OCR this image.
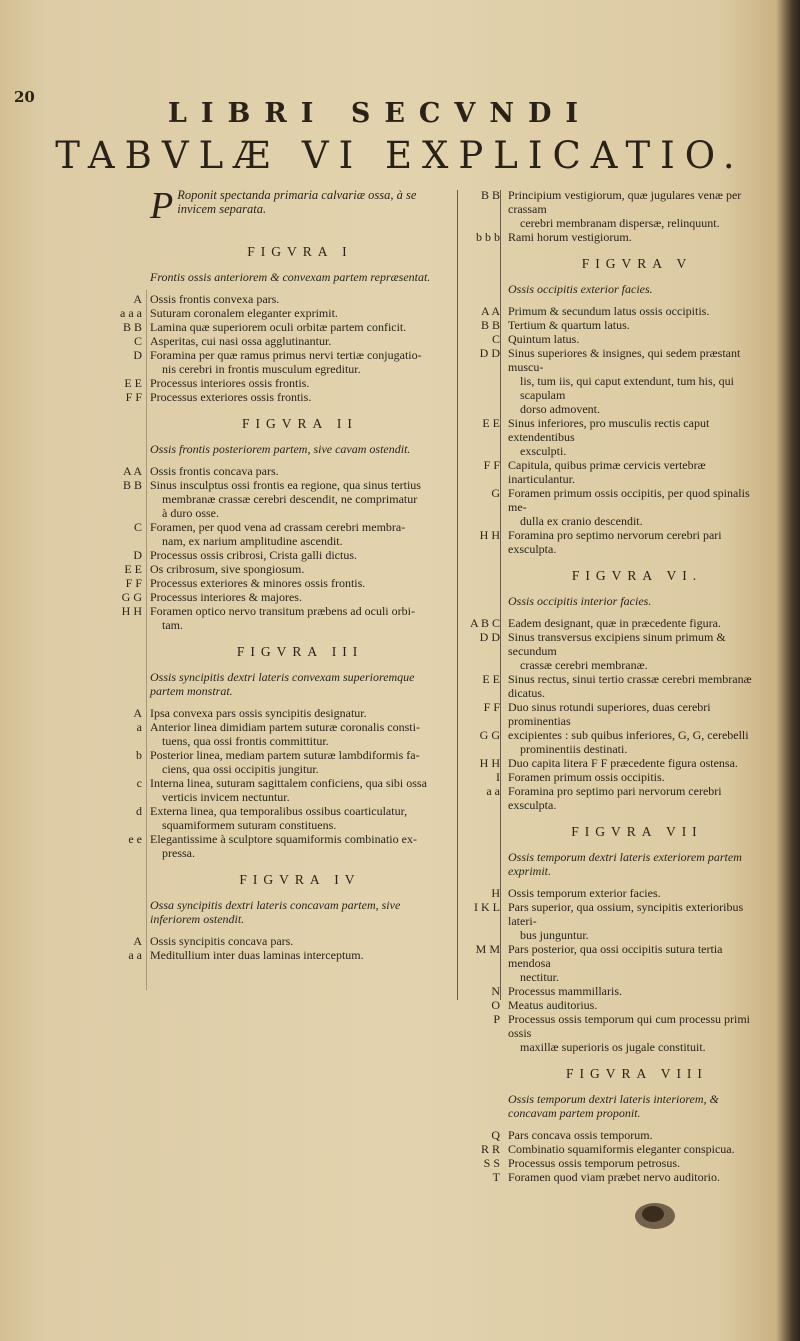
20
LIBRI SECVNDI
TABVLÆ VI EXPLICATIO.
P Roponit spectanda primaria calvariæ ossa, à se invicem separata.
FIGVRA I
Frontis ossis anteriorem & convexam partem repræsentat.
A Ossis frontis convexa pars.
a a a Suturam coronalem eleganter exprimit.
B B Lamina quæ superiorem oculi orbitæ partem conficit.
C Asperitas, cui nasi ossa agglutinantur.
D Foramina per quæ ramus primus nervi tertiæ conjugatio-
nis cerebri in frontis musculum egreditur.
E E Processus interiores ossis frontis.
F F Processus exteriores ossis frontis.
FIGVRA II
Ossis frontis posteriorem partem, sive cavam ostendit.
A A Ossis frontis concava pars.
B B Sinus insculptus ossi frontis ea regione, qua sinus tertius
membranæ crassæ cerebri descendit, ne comprimatur
à duro osse.
C Foramen, per quod vena ad crassam cerebri membra-
nam, ex narium amplitudine ascendit.
D Processus ossis cribrosi, Crista galli dictus.
E E Os cribrosum, sive spongiosum.
F F Processus exteriores & minores ossis frontis.
G G Processus interiores & majores.
H H Foramen optico nervo transitum præbens ad oculi orbi-
tam.
FIGVRA III
Ossis syncipitis dextri lateris convexam superioremque partem monstrat.
A Ipsa convexa pars ossis syncipitis designatur.
a Anterior linea dimidiam partem suturæ coronalis consti-
tuens, qua ossi frontis committitur.
b Posterior linea, mediam partem suturæ lambdiformis fa-
ciens, qua ossi occipitis jungitur.
c Interna linea, suturam sagittalem conficiens, qua sibi ossa
verticis invicem nectuntur.
d Externa linea, qua temporalibus ossibus coarticulatur,
squamiformem suturam constituens.
e e Elegantissime à sculptore squamiformis combinatio ex-
pressa.
FIGVRA IV
Ossa syncipitis dextri lateris concavam partem, sive inferiorem ostendit.
A Ossis syncipitis concava pars.
a a Meditullium inter duas laminas interceptum.
B B Principium vestigiorum, quæ jugulares venæ per crassam
cerebri membranam dispersæ, relinquunt.
b b b Rami horum vestigiorum.
FIGVRA V
Ossis occipitis exterior facies.
A A Primum & secundum latus ossis occipitis.
B B Tertium & quartum latus.
C Quintum latus.
D D Sinus superiores & insignes, qui sedem præstant muscu-
lis, tum iis, qui caput extendunt, tum his, qui scapulam
dorso admovent.
E E Sinus inferiores, pro musculis rectis caput extendentibus
exsculpti.
F F Capitula, quibus primæ cervicis vertebræ inarticulantur.
G Foramen primum ossis occipitis, per quod spinalis me-
dulla ex cranio descendit.
H H Foramina pro septimo nervorum cerebri pari exsculpta.
FIGVRA VI.
Ossis occipitis interior facies.
A B C Eadem designant, quæ in præcedente figura.
D D Sinus transversus excipiens sinum primum & secundum
crassæ cerebri membranæ.
E E Sinus rectus, sinui tertio crassæ cerebri membranæ dicatus.
F F Duo sinus rotundi superiores, duas cerebri prominentias
G G excipientes : sub quibus inferiores, G, G, cerebelli
prominentiis destinati.
H H Duo capita litera F F præcedente figura ostensa.
I Foramen primum ossis occipitis.
a a Foramina pro septimo pari nervorum cerebri exsculpta.
FIGVRA VII
Ossis temporum dextri lateris exteriorem partem exprimit.
H Ossis temporum exterior facies.
I K L Pars superior, qua ossium, syncipitis exterioribus lateri-
bus junguntur.
M M Pars posterior, qua ossi occipitis sutura tertia mendosa
nectitur.
N Processus mammillaris.
O Meatus auditorius.
P Processus ossis temporum qui cum processu primi ossis
maxillæ superioris os jugale constituit.
FIGVRA VIII
Ossis temporum dextri lateris interiorem, & concavam partem proponit.
Q Pars concava ossis temporum.
R R Combinatio squamiformis eleganter conspicua.
S S Processus ossis temporum petrosus.
T Foramen quod viam præbet nervo auditorio.
